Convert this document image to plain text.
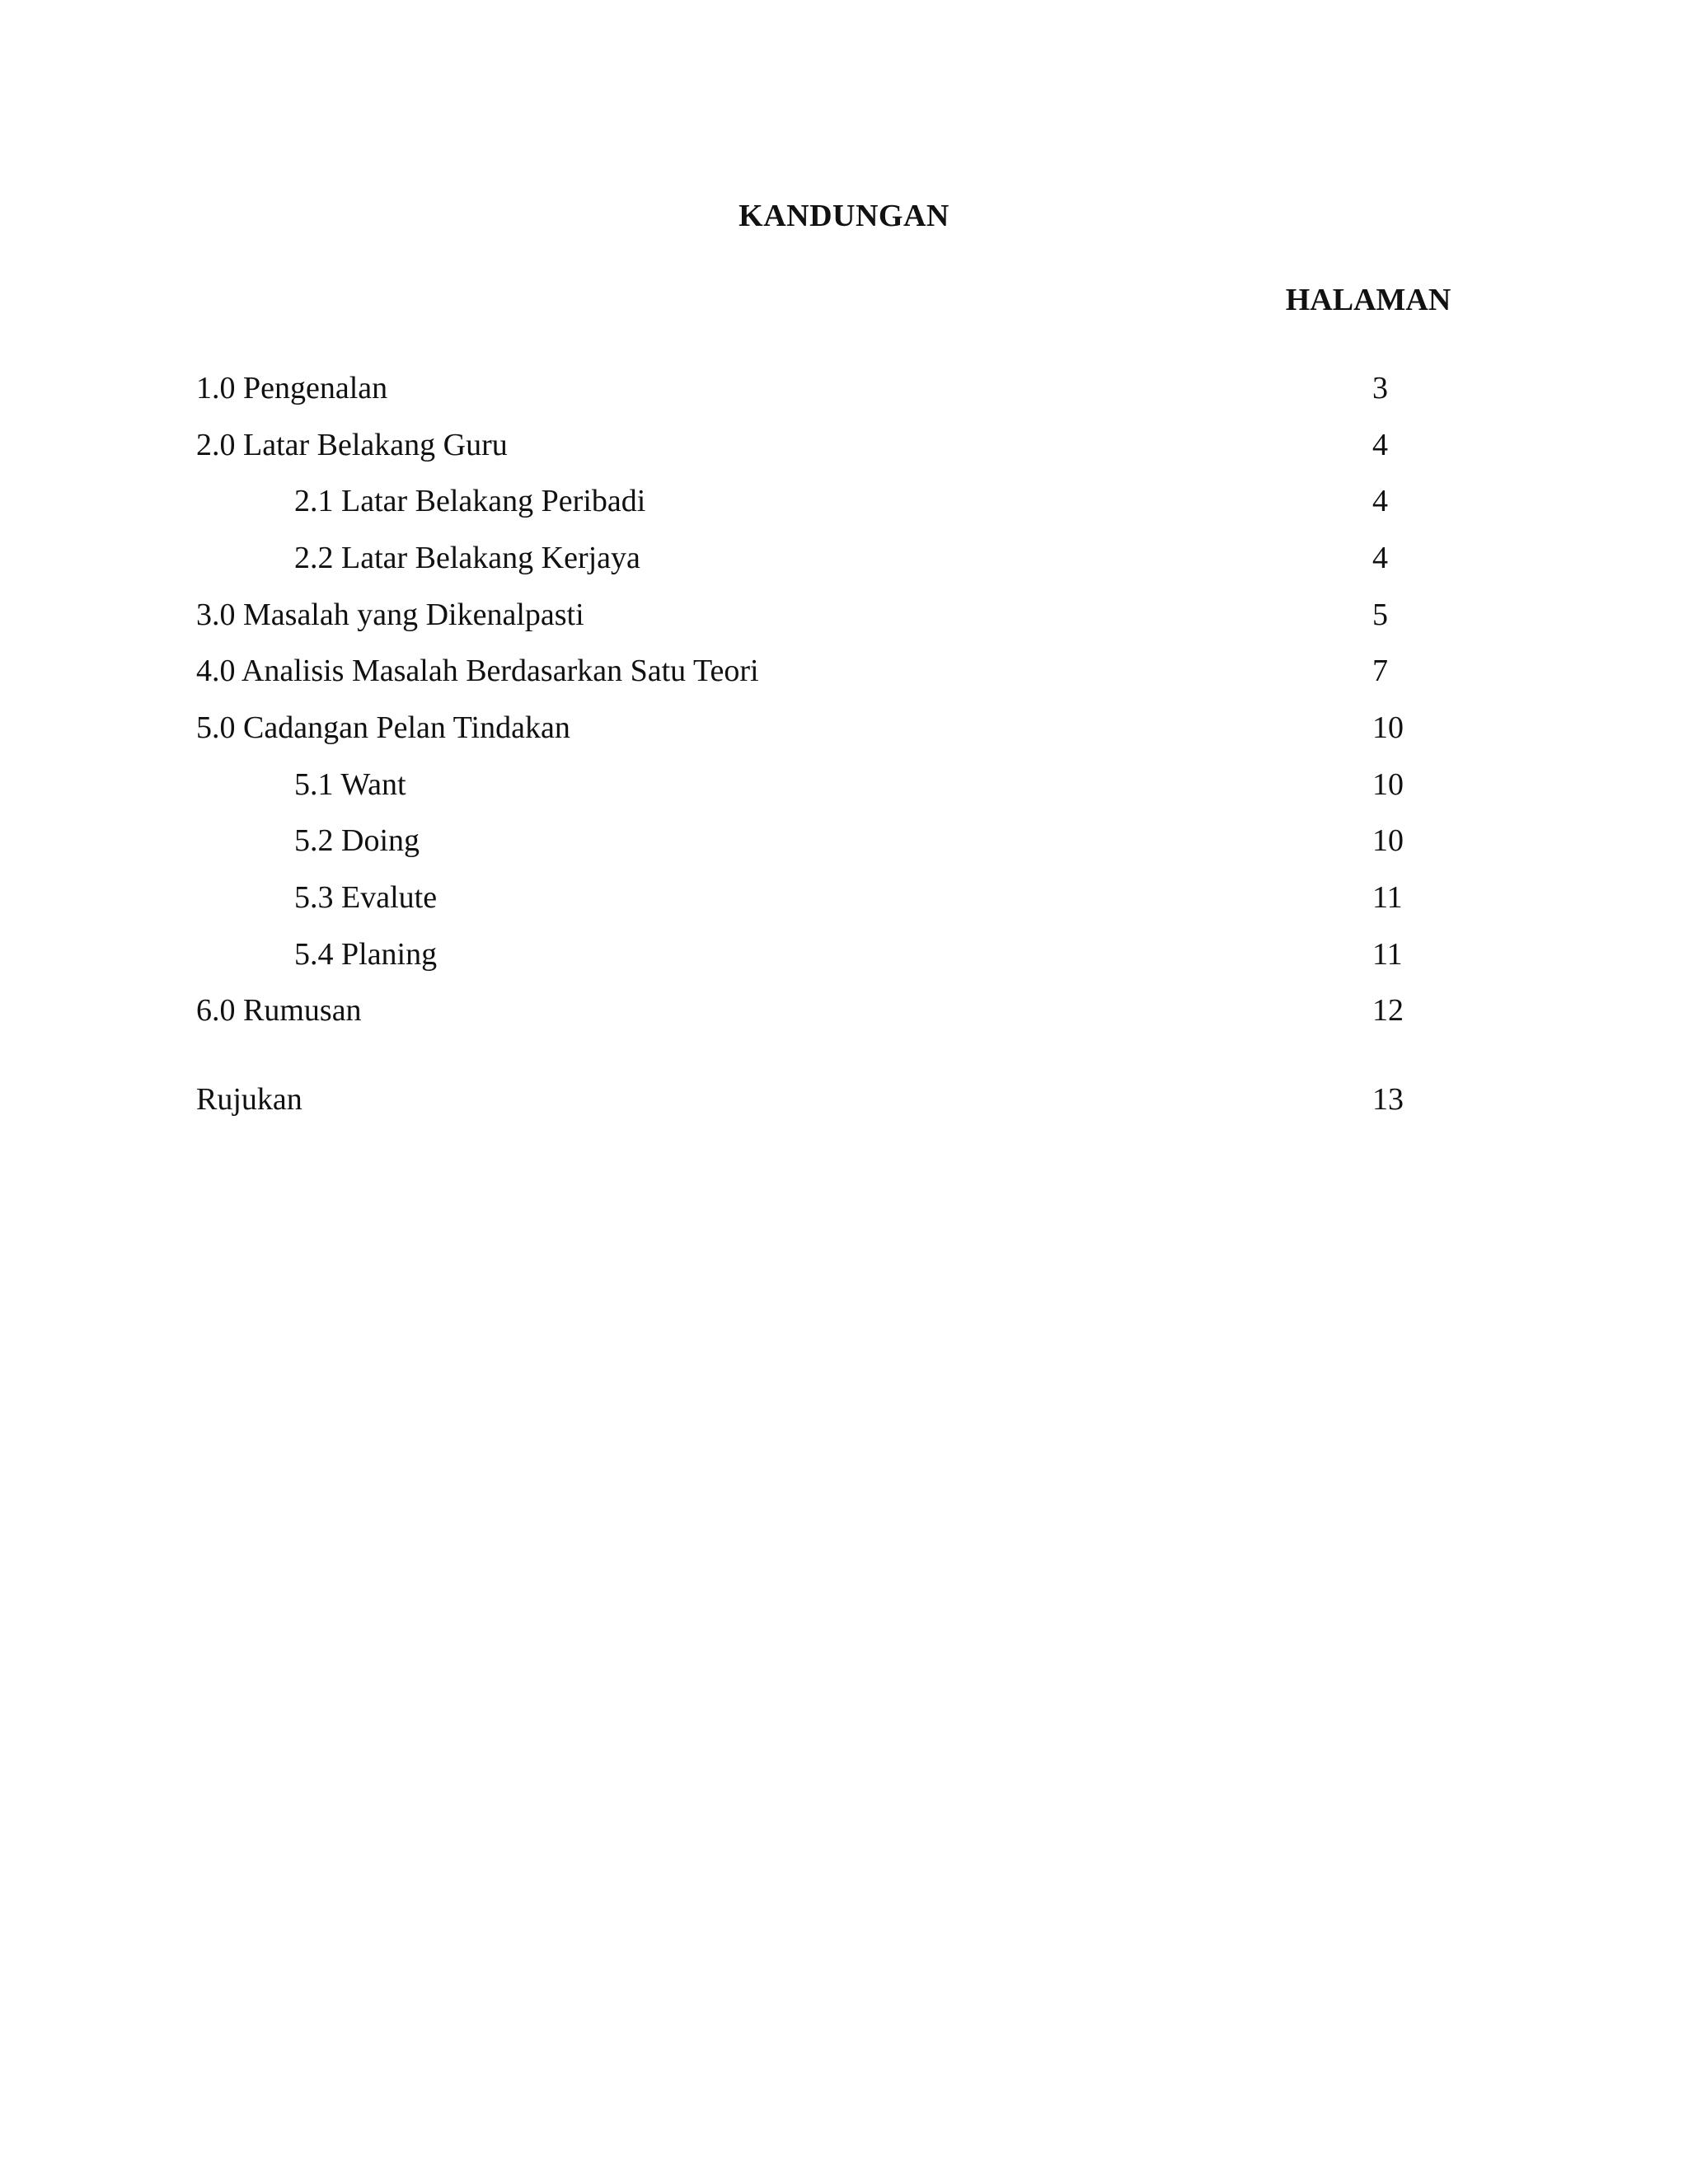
KANDUNGAN
HALAMAN
1.0 Pengenalan	3
2.0 Latar Belakang Guru	4
2.1 Latar Belakang Peribadi	4
2.2 Latar Belakang Kerjaya	4
3.0 Masalah yang Dikenalpasti	5
4.0 Analisis Masalah Berdasarkan Satu Teori	7
5.0 Cadangan Pelan Tindakan	10
5.1 Want	10
5.2 Doing	10
5.3 Evalute	11
5.4 Planing	11
6.0 Rumusan	12
Rujukan	13
